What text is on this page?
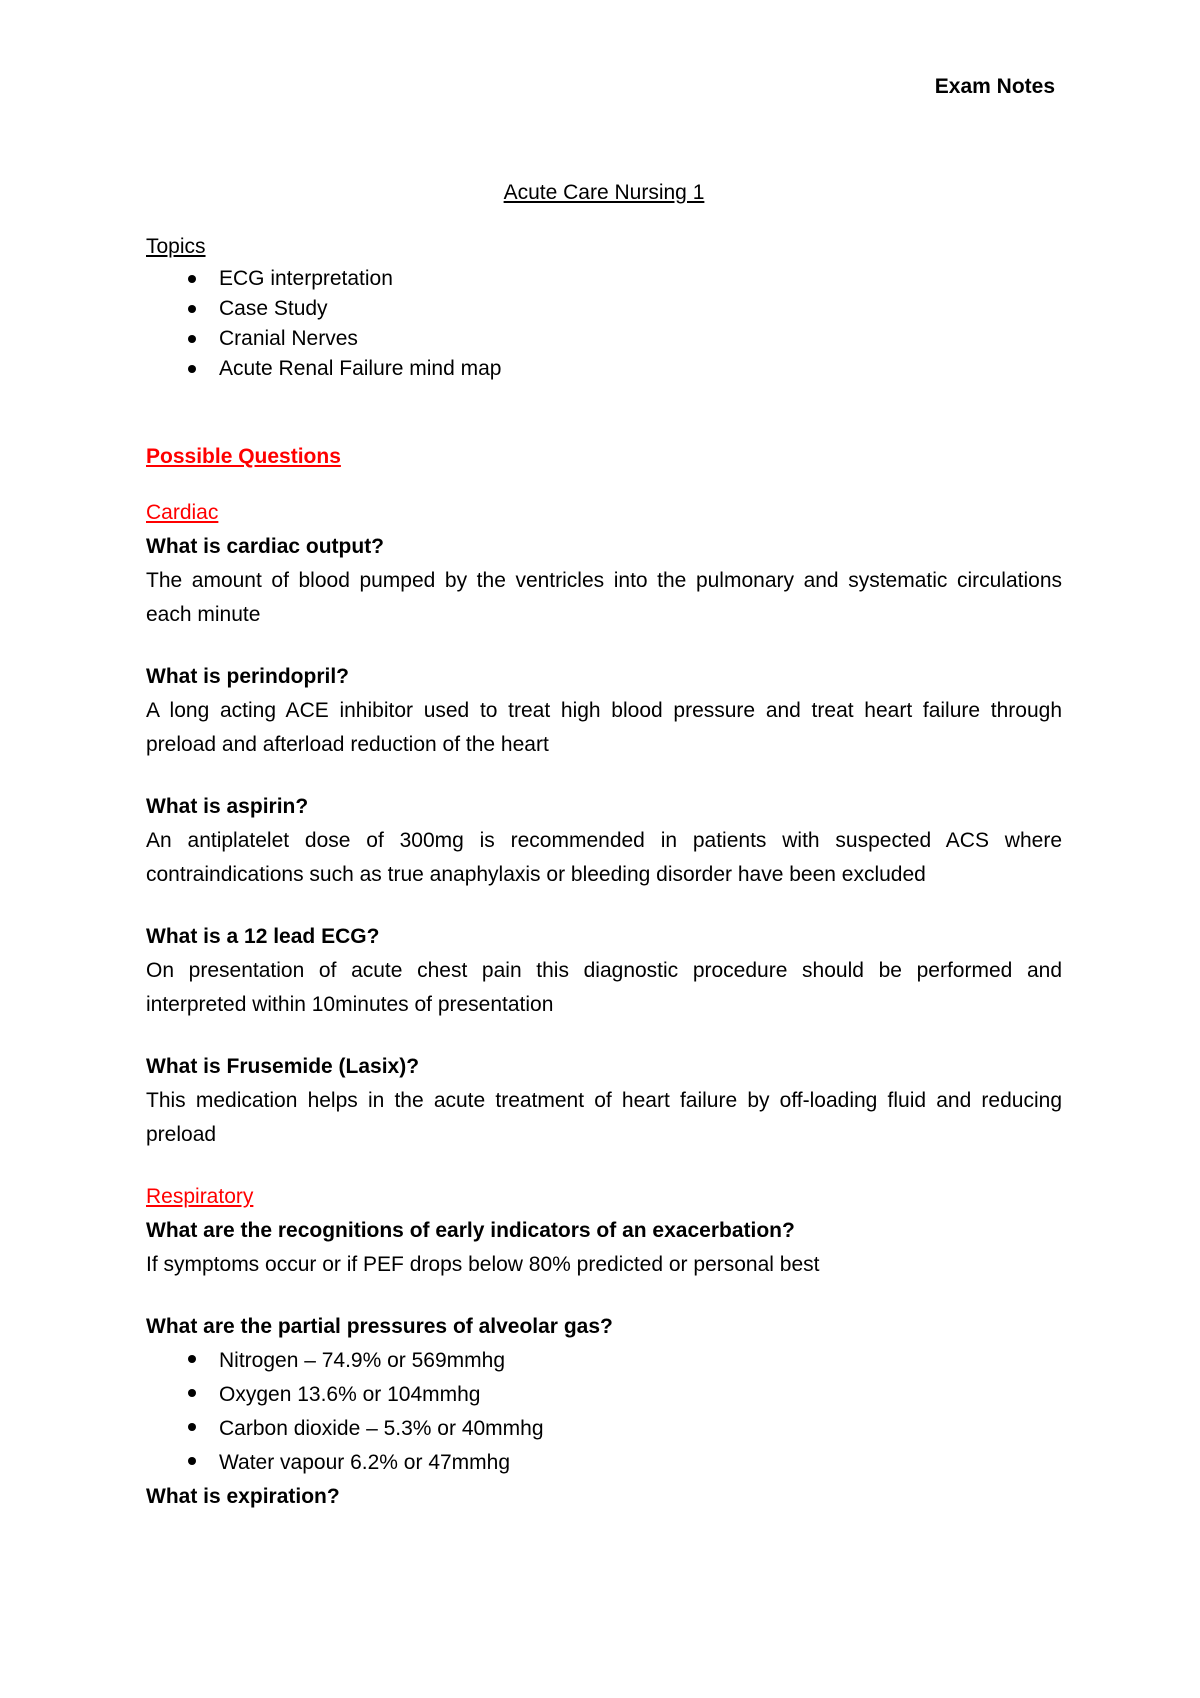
Exam Notes
Acute Care Nursing 1
Topics
ECG interpretation
Case Study
Cranial Nerves
Acute Renal Failure mind map
Possible Questions
Cardiac
What is cardiac output?
The amount of blood pumped by the ventricles into the pulmonary and systematic circulations each minute
What is perindopril?
A long acting ACE inhibitor used to treat high blood pressure and treat heart failure through preload and afterload reduction of the heart
What is aspirin?
An antiplatelet dose of 300mg is recommended in patients with suspected ACS where contraindications such as true anaphylaxis or bleeding disorder have been excluded
What is a 12 lead ECG?
On presentation of acute chest pain this diagnostic procedure should be performed and interpreted within 10minutes of presentation
What is Frusemide (Lasix)?
This medication helps in the acute treatment of heart failure by off-loading fluid and reducing preload
Respiratory
What are the recognitions of early indicators of an exacerbation?
If symptoms occur or if PEF drops below 80% predicted or personal best
What are the partial pressures of alveolar gas?
Nitrogen – 74.9% or 569mmhg
Oxygen 13.6% or 104mmhg
Carbon dioxide – 5.3% or 40mmhg
Water vapour 6.2% or 47mmhg
What is expiration?
